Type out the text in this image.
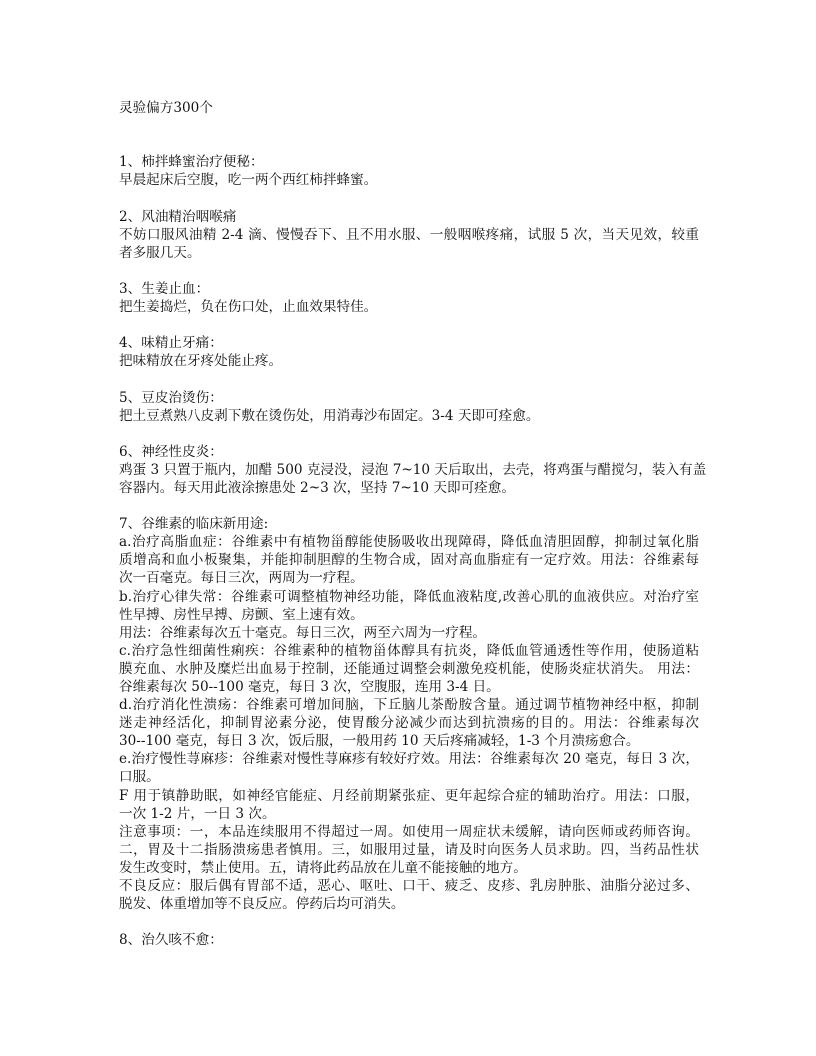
灵验偏方300个
1、柿拌蜂蜜治疗便秘：
早晨起床后空腹，吃一两个西红柿拌蜂蜜。
2、风油精治咽喉痛
不妨口服风油精 2-4 滴、慢慢吞下、且不用水服、一般咽喉疼痛，试服 5 次，当天见效，较重
者多服几天。
3、生姜止血：
把生姜捣烂，负在伤口处，止血效果特佳。
4、味精止牙痛：
把味精放在牙疼处能止疼。
5、豆皮治烫伤：
把土豆煮熟八皮剥下敷在烫伤处，用消毒沙布固定。3-4 天即可痊愈。
6、神经性皮炎：
鸡蛋 3 只置于瓶内，加醋 500 克浸没，浸泡 7~10 天后取出，去壳，将鸡蛋与醋搅匀，装入有盖
容器内。每天用此液涂擦患处 2~3 次，坚持 7~10 天即可痊愈。
7、谷维素的临床新用途:
a.治疗高脂血症：谷维素中有植物甾醇能使肠吸收出现障碍，降低血清胆固醇，抑制过氧化脂
质增高和血小板聚集，并能抑制胆醇的生物合成，固对高血脂症有一定疗效。用法：谷维素每
次一百毫克。每日三次，两周为一疗程。
b.治疗心律失常：谷维素可调整植物神经功能，降低血液粘度,改善心肌的血液供应。对治疗室
性早搏、房性早搏、房颤、室上速有效。
用法：谷维素每次五十毫克。每日三次，两至六周为一疗程。
c.治疗急性细菌性痢疾：谷维素种的植物甾体醇具有抗炎，降低血管通透性等作用，使肠道粘
膜充血、水肿及糜烂出血易于控制，还能通过调整会刺激免疫机能，使肠炎症状消失。 用法：
谷维素每次 50--100 毫克，每日 3 次，空腹服，连用 3-4 日。
d.治疗消化性溃疡：谷维素可增加间脑，下丘脑儿茶酚胺含量。通过调节植物神经中枢，抑制
迷走神经活化，抑制胃泌素分泌，使胃酸分泌减少而达到抗溃疡的目的。用法：谷维素每次
30--100 毫克，每日 3 次，饭后服，一般用药 10 天后疼痛减轻，1-3 个月溃疡愈合。
e.治疗慢性荨麻疹：谷维素对慢性荨麻疹有较好疗效。用法：谷维素每次 20 毫克，每日 3 次，
口服。
F 用于镇静助眠，如神经官能症、月经前期紧张症、更年起综合症的辅助治疗。用法：口服，
一次 1-2 片，一日 3 次。
注意事项：一，本品连续服用不得超过一周。如使用一周症状未缓解，请向医师或药师咨询。
二，胃及十二指肠溃疡患者慎用。三，如服用过量，请及时向医务人员求助。四，当药品性状
发生改变时，禁止使用。五，请将此药品放在儿童不能接触的地方。
不良反应：服后偶有胃部不适，恶心、呕吐、口干、疲乏、皮疹、乳房肿胀、油脂分泌过多、
脱发、体重增加等不良反应。停药后均可消失。
8、治久咳不愈：
